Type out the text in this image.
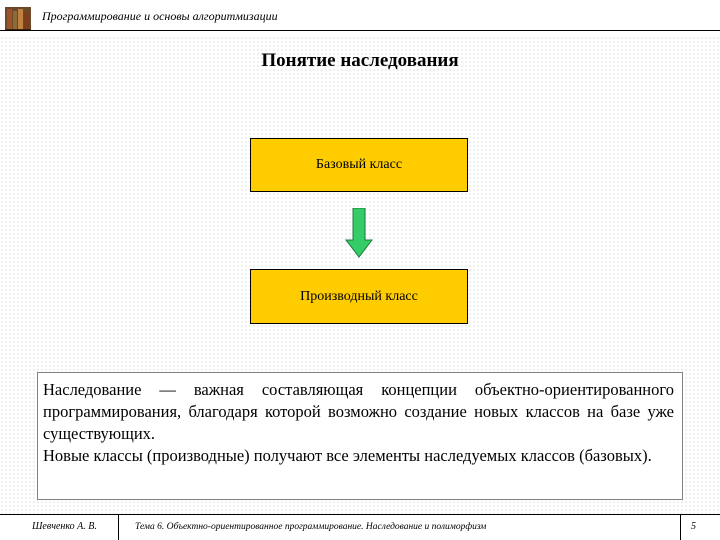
Программирование и основы алгоритмизации
Понятие наследования
Базовый класс
Производный класс

Наследование — важная составляющая концепции объектно-ориентированного программирования, благодаря которой возможно создание новых классов на базе уже существующих.

Новые классы (производные) получают все элементы наследуемых классов (базовых).

Шевченко А. В.	Тема 6. Объектно-ориентированное программирование. Наследование и полиморфизм	5
